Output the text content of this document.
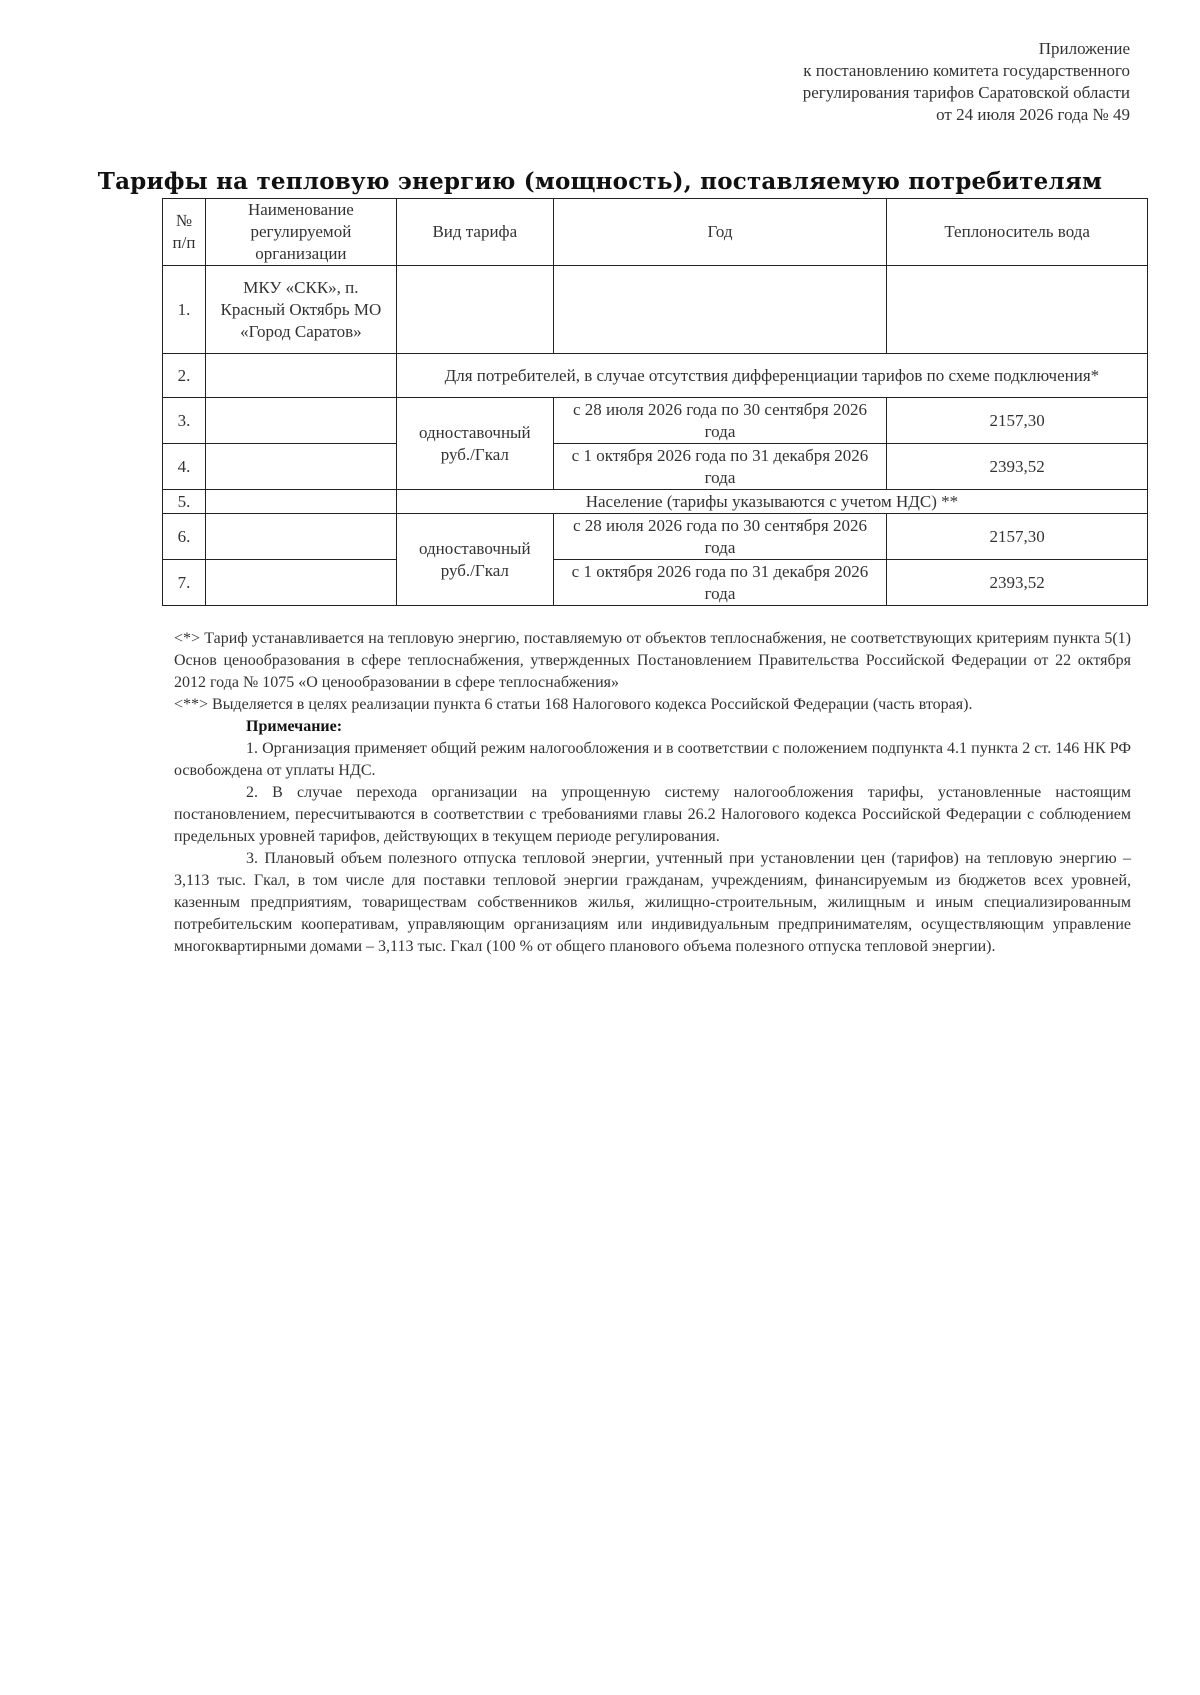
Приложение
к постановлению комитета государственного
регулирования тарифов Саратовской области
от 24 июля 2026 года № 49
Тарифы на тепловую энергию (мощность), поставляемую потребителям
№ п/п	Наименование регулируемой организации	Вид тарифа	Год	Теплоноситель вода
1.	МКУ «СКК», п. Красный Октябрь МО «Город Саратов»			
2.		Для потребителей, в случае отсутствия дифференциации тарифов по схеме подключения*		
3.		одноставочный руб./Гкал	с 28 июля 2026 года по 30 сентября 2026 года	2157,30
4.			с 1 октября 2026 года по 31 декабря 2026 года	2393,52
5.		Население (тарифы указываются с учетом НДС) **		
6.		одноставочный руб./Гкал	с 28 июля 2026 года по 30 сентября 2026 года	2157,30
7.			с 1 октября 2026 года по 31 декабря 2026 года	2393,52

<*> Тариф устанавливается на тепловую энергию, поставляемую от объектов теплоснабжения, не соответствующих критериям пункта 5(1) Основ ценообразования в сфере теплоснабжения, утвержденных Постановлением Правительства Российской Федерации от 22 октября 2012 года № 1075 «О ценообразовании в сфере теплоснабжения»

<**> Выделяется в целях реализации пункта 6 статьи 168 Налогового кодекса Российской Федерации (часть вторая).

Примечание:

1. Организация применяет общий режим налогообложения и в соответствии с положением подпункта 4.1 пункта 2 ст. 146 НК РФ освобождена от уплаты НДС.

2. В случае перехода организации на упрощенную систему налогообложения тарифы, установленные настоящим постановлением, пересчитываются в соответствии с требованиями главы 26.2 Налогового кодекса Российской Федерации с соблюдением предельных уровней тарифов, действующих в текущем периоде регулирования.

3. Плановый объем полезного отпуска тепловой энергии, учтенный при установлении цен (тарифов) на тепловую энергию – 3,113 тыс. Гкал, в том числе для поставки тепловой энергии гражданам, учреждениям, финансируемым из бюджетов всех уровней, казенным предприятиям, товариществам собственников жилья, жилищно-строительным, жилищным и иным специализированным потребительским кооперативам, управляющим организациям или индивидуальным предпринимателям, осуществляющим управление многоквартирными домами – 3,113 тыс. Гкал (100 % от общего планового объема полезного отпуска тепловой энергии).
